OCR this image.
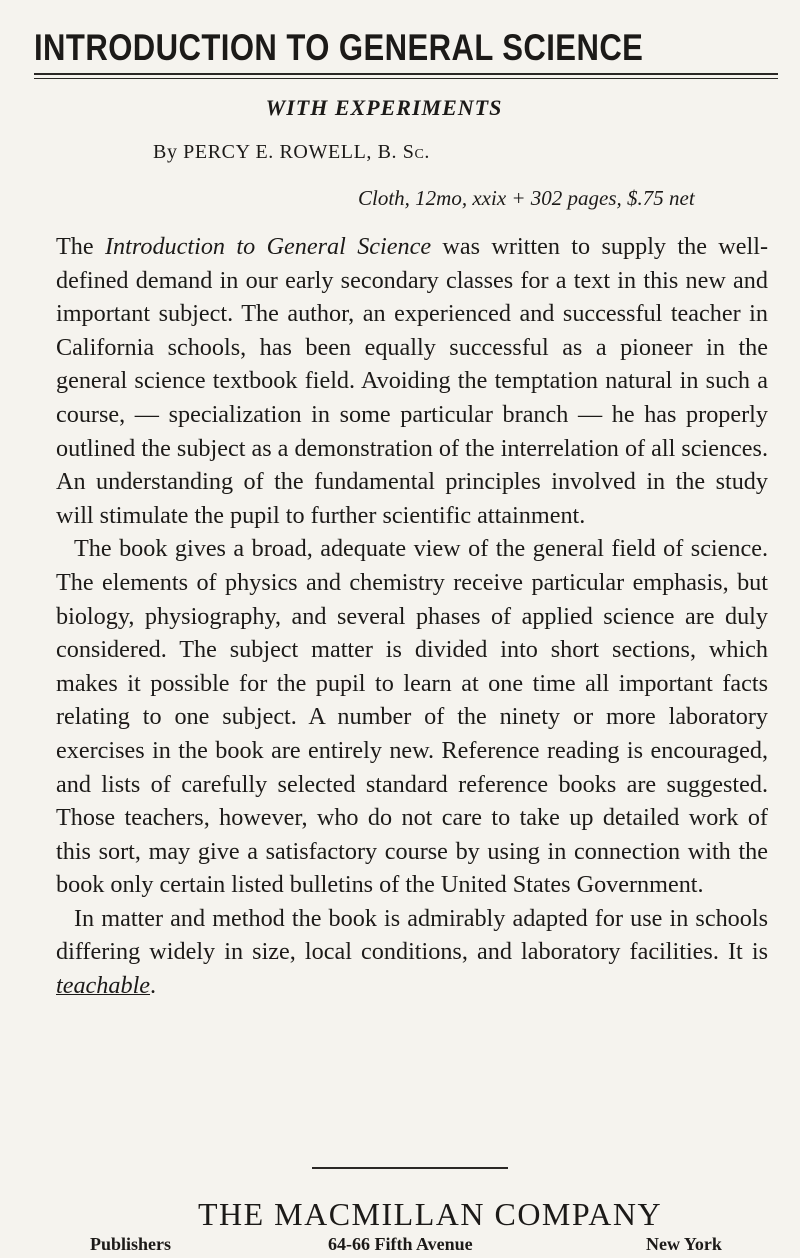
INTRODUCTION TO GENERAL SCIENCE
WITH EXPERIMENTS

By PERCY E. ROWELL, B. Sc.

Cloth, 12mo, xxix + 302 pages, $.75 net

The Introduction to General Science was written to supply the well-defined demand in our early secondary classes for a text in this new and important subject. The author, an experienced and successful teacher in California schools, has been equally successful as a pioneer in the general science textbook field. Avoiding the temptation natural in such a course, — specialization in some particular branch — he has properly outlined the subject as a demonstration of the interrelation of all sciences. An understanding of the fundamental principles involved in the study will stimulate the pupil to further scientific attainment.

The book gives a broad, adequate view of the general field of science. The elements of physics and chemistry receive particular emphasis, but biology, physiography, and several phases of applied science are duly considered. The subject matter is divided into short sections, which makes it possible for the pupil to learn at one time all important facts relating to one subject. A number of the ninety or more laboratory exercises in the book are entirely new. Reference reading is encouraged, and lists of carefully selected standard reference books are suggested. Those teachers, however, who do not care to take up detailed work of this sort, may give a satisfactory course by using in connection with the book only certain listed bulletins of the United States Government.

In matter and method the book is admirably adapted for use in schools differing widely in size, local conditions, and laboratory facilities. It is teachable.

THE MACMILLAN COMPANY

Publishers	64-66 Fifth Avenue	New York
